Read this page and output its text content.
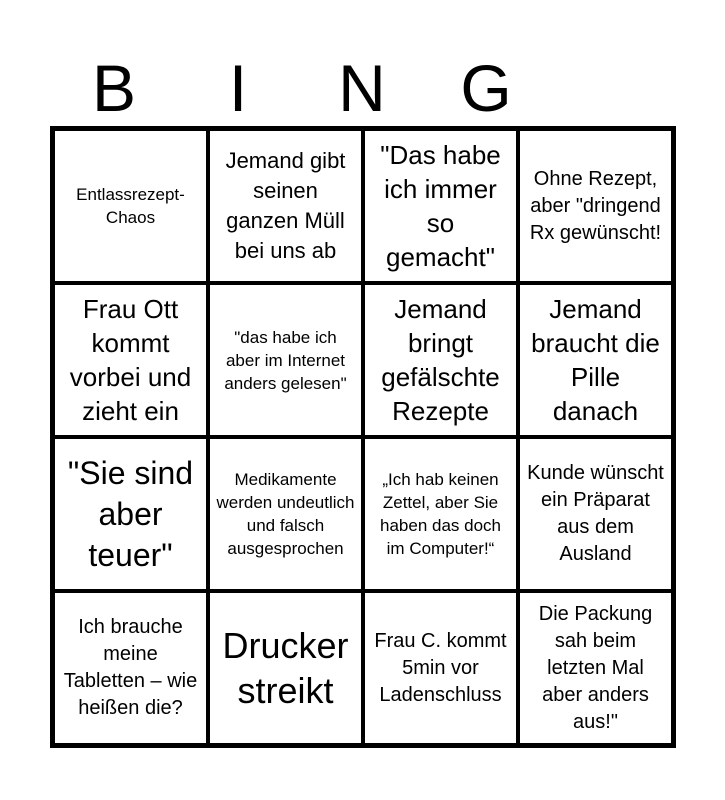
B	I	N	G
Entlassrezept-Chaos
Jemand gibt seinen ganzen Müll bei uns ab
"Das habe ich immer so gemacht"
Ohne Rezept, aber "dringend Rx gewünscht!
Frau Ott kommt vorbei und zieht ein
"das habe ich aber im Internet anders gelesen"
Jemand bringt gefälschte Rezepte
Jemand braucht die Pille danach
"Sie sind aber teuer"
Medikamente werden undeutlich und falsch ausgesprochen
„Ich hab keinen Zettel, aber Sie haben das doch im Computer!“
Kunde wünscht ein Präparat aus dem Ausland
Ich brauche meine Tabletten – wie heißen die?
Drucker streikt
Frau C. kommt 5min vor Ladenschluss
Die Packung sah beim letzten Mal aber anders aus!"
